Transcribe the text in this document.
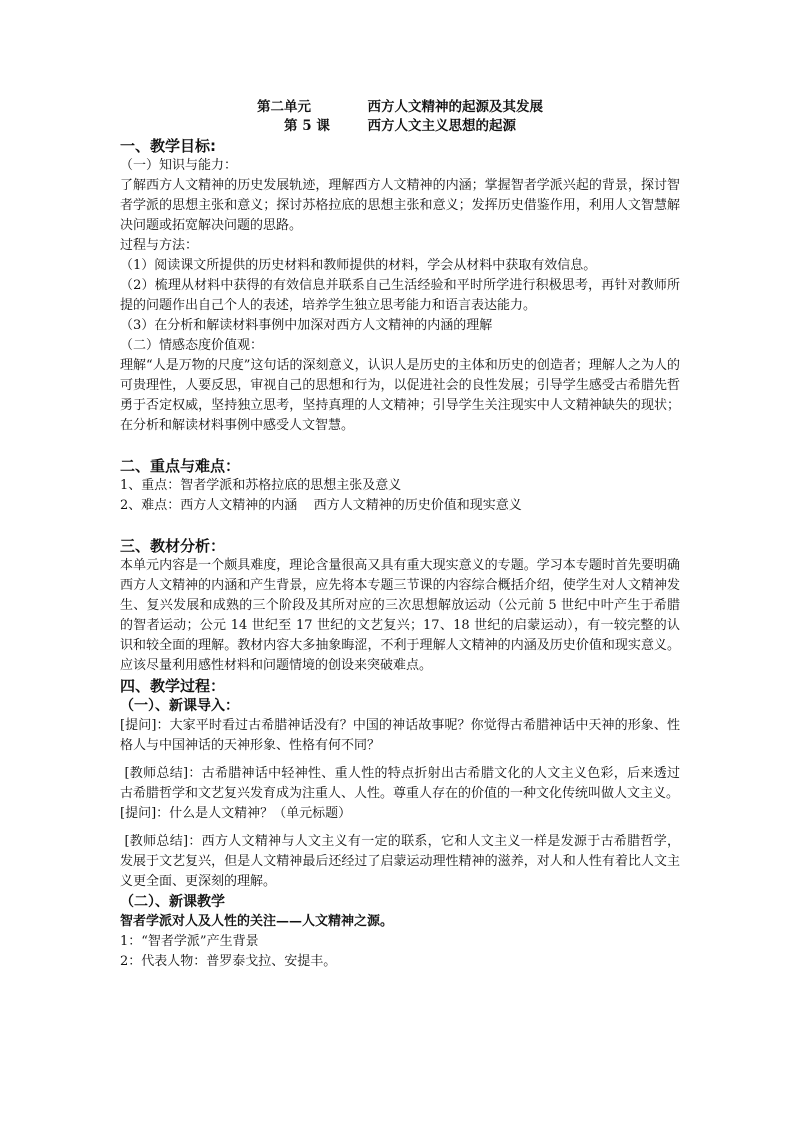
第二单元            西方人文精神的起源及其发展
第 5 课        西方人文主义思想的起源
一、教学目标:
（一）知识与能力：
了解西方人文精神的历史发展轨迹，理解西方人文精神的内涵；掌握智者学派兴起的背景，探讨智者学派的思想主张和意义；探讨苏格拉底的思想主张和意义；发挥历史借鉴作用，利用人文智慧解决问题或拓宽解决问题的思路。
过程与方法：
（1）阅读课文所提供的历史材料和教师提供的材料，学会从材料中获取有效信息。
（2）梳理从材料中获得的有效信息并联系自己生活经验和平时所学进行积极思考，再针对教师所提的问题作出自己个人的表述，培养学生独立思考能力和语言表达能力。
（3）在分析和解读材料事例中加深对西方人文精神的内涵的理解
（二）情感态度价值观：
理解“人是万物的尺度”这句话的深刻意义，认识人是历史的主体和历史的创造者；理解人之为人的可贵理性，人要反思，审视自己的思想和行为，以促进社会的良性发展；引导学生感受古希腊先哲勇于否定权威，坚持独立思考，坚持真理的人文精神；引导学生关注现实中人文精神缺失的现状；在分析和解读材料事例中感受人文智慧。
二、重点与难点：
1、重点：智者学派和苏格拉底的思想主张及意义
2、难点：西方人文精神的内涵    西方人文精神的历史价值和现实意义
三、教材分析：
本单元内容是一个颇具难度，理论含量很高又具有重大现实意义的专题。学习本专题时首先要明确西方人文精神的内涵和产生背景，应先将本专题三节课的内容综合概括介绍，使学生对人文精神发生、复兴发展和成熟的三个阶段及其所对应的三次思想解放运动（公元前 5 世纪中叶产生于希腊的智者运动；公元 14 世纪至 17 世纪的文艺复兴；17、18 世纪的启蒙运动），有一较完整的认识和较全面的理解。教材内容大多抽象晦涩，不利于理解人文精神的内涵及历史价值和现实意义。应该尽量利用感性材料和问题情境的创设来突破难点。
四、教学过程：
（一）、新课导入：
[提问]：大家平时看过古希腊神话没有？中国的神话故事呢？你觉得古希腊神话中天神的形象、性格人与中国神话的天神形象、性格有何不同？
[教师总结]：古希腊神话中轻神性、重人性的特点折射出古希腊文化的人文主义色彩，后来透过古希腊哲学和文艺复兴发育成为注重人、人性。尊重人存在的价值的一种文化传统叫做人文主义。
[提问]：什么是人文精神？（单元标题）
[教师总结]：西方人文精神与人文主义有一定的联系，它和人文主义一样是发源于古希腊哲学，发展于文艺复兴，但是人文精神最后还经过了启蒙运动理性精神的滋养，对人和人性有着比人文主义更全面、更深刻的理解。
（二）、新课教学
智者学派对人及人性的关注——人文精神之源。
1：“智者学派”产生背景
2：代表人物：普罗泰戈拉、安提丰。
